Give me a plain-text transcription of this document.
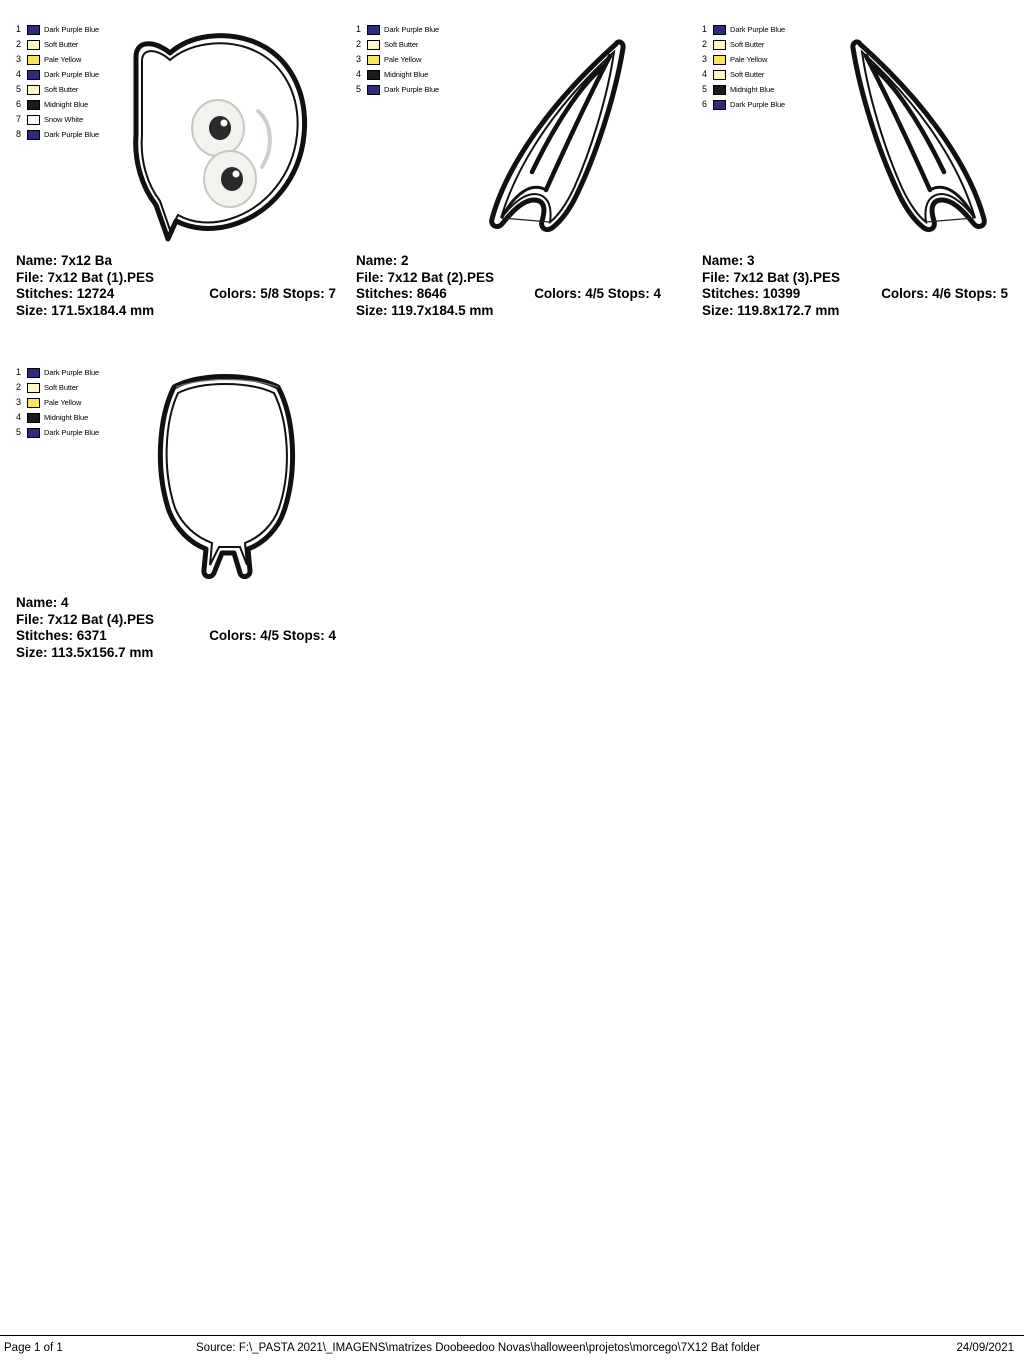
1	Dark Purple Blue
2	Soft Butter
3	Pale Yellow
4	Dark Purple Blue
5	Soft Butter
6	Midnight Blue
7	Snow White
8	Dark Purple Blue
Name: 7x12 Ba
File: 7x12 Bat (1).PES
Stitches: 12724
Size: 171.5x184.4 mm
Colors: 5/8 Stops: 7
1	Dark Purple Blue
2	Soft Butter
3	Pale Yellow
4	Midnight Blue
5	Dark Purple Blue
Name: 2
File: 7x12 Bat (2).PES
Stitches: 8646
Size: 119.7x184.5 mm
Colors: 4/5 Stops: 4
1	Dark Purple Blue
2	Soft Butter
3	Pale Yellow
4	Soft Butter
5	Midnight Blue
6	Dark Purple Blue
Name: 3
File: 7x12 Bat (3).PES
Stitches: 10399
Size: 119.8x172.7 mm
Colors: 4/6 Stops: 5
1	Dark Purple Blue
2	Soft Butter
3	Pale Yellow
4	Midnight Blue
5	Dark Purple Blue
Name: 4
File: 7x12 Bat (4).PES
Stitches: 6371
Size: 113.5x156.7 mm
Colors: 4/5 Stops: 4
Page 1 of 1	Source: F:\_PASTA 2021\_IMAGENS\matrizes Doobeedoo Novas\halloween\projetos\morcego\7X12 Bat folder	24/09/2021
